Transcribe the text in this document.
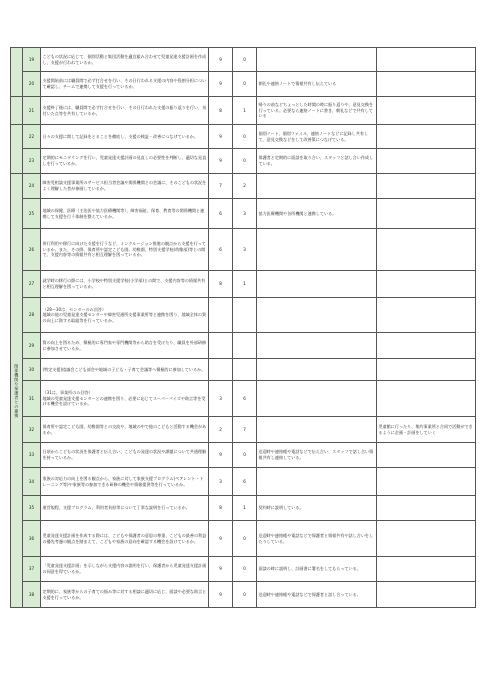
	19	こどもの状況に応じて、個別活動と集団活動を適宜組み合わせて児童発達支援計画を作成し、支援が行われているか。	9	0		
	20	支援開始前には職員間で必ず打合せを行い、その日行われる支援の内容や役割分担について確認し、チームで連携して支援を行っているか。	9	0	朝礼や連絡ノートで情報共有し伝えている	
	21	支援終了後には、職員間で必ず打合せを行い、その日行われた支援の振り返りを行い、気付いた点等を共有しているか。	8	1	帰りの前などちょっとした時間の時に振り返りや、意見交換を行っている。必要なら連絡ノートに書き、朝礼などで共有している	
	22	日々の支援に関して記録をとることを徹底し、支援の検証・改善につなげているか。	9	0	個別ノート、個別ファイル、連絡ノートなどに記録し共有して、意見交換などをして改善策につなげている。	
	23	定期的にモニタリングを行い、児童発達支援計画の見直しの必要性を判断し、適切な見直しを行っているか。	9	0	保護者と定期的に面談を取り合い、スタッフと話し合い作成している。	
関係機関や保護者との連携	24	障害児相談支援事業所のサービス担当者会議や関係機関との会議に、そのこどもの状況をよく理解した者が参画しているか。	7	2		
	25	地域の保健、医療（主治医や協力医療機関等）、障害福祉、保育、教育等の関係機関と連携して支援を行う体制を整えているか。	6	3	協力医療機関や各所機関と連携している。	
	26	併行利用や移行に向けた支援を行うなど、インクルージョン推進の観点から支援を行っているか。また、その際、保育所や認定こども園、幼稚園、特別支援学校(幼稚部)等との間で、支援内容等の情報共有と相互理解を図っているか。	6	3		
	27	就学時の移行の際には、小学校や特別支援学校(小学部)との間で、支援内容等の情報共有と相互理解を図っているか。	8	1		
	28	（28〜30は、センターのみ回答）
地域の他の児童発達支援センターや障害児通所支援事業所等と連携を図り、地域全体の質の向上に資する取組等を行っているか。				

	29	質の向上を図るため、積極的に専門家や専門機関等から助言を受けたり、職員を外部研修に参加させているか。				
	30	(特定支援)協議会こども部会や地域の子ども・子育て会議等へ積極的に参加しているか。				
	31	（31は、事業所のみ回答）
地域の児童発達支援センターとの連携を図り、必要に応じてスーパーバイズや助言等を受ける機会を設けているか。	3	6		
	32	保育所や認定こども園、幼稚園等との交流や、地域の中で他のこどもと活動する機会があるか。	2	7		児童館に行ったり、集約事業所と合同で活動ができるように企画・計画をしていく
	33	日頃からこどもの状況を保護者と伝え合い、こどもの発達の状況や課題について共通理解を持っているか。	9	0	送迎時や連絡帳や電話などで伝え合い、スタッフで話し合い情報共有し連絡している。	
	34	家族の対応力の向上を図る観点から、家族に対して家族支援プログラム(ペアレント・トレーニング等)や家族等の参加できる研修の機会や情報提供等を行っているか。	3	6		
	35	運営規程、支援プログラム、利用者負担等について丁寧な説明を行っているか。	8	1	契約時に説明している。	
	36	児童発達支援計画を作成する際には、こどもや保護者の意思の尊重、こどもの最善の利益の優先考慮の観点を踏まえて、こどもや家族の意向を確認する機会を設けているか。	9	0	送迎時や連絡帳や電話などで保護者と情報共有や話し合いをしたりしている。	
	37	「児童発達支援計画」を示しながら支援内容の説明を行い、保護者から児童発達支援計画の同意を得ているか。	9	0	面談の時に説明し、計画書に署名をしてもらっている。	
	38	定期的に、家族等からの子育ての悩み等に対する相談に適切に応じ、面談や必要な助言と支援を行っているか。	9	0	送迎時や連絡帳や電話などで保護者と話し合っている。	
